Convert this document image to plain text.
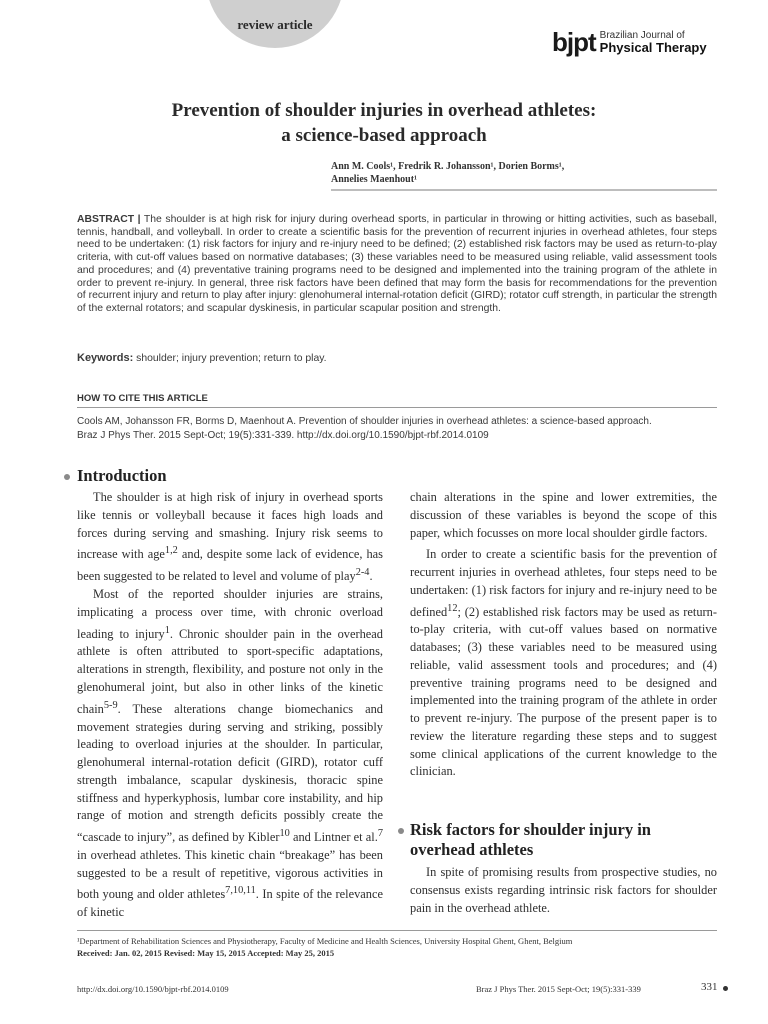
review article
bjpt Brazilian Journal of
Physical Therapy
Prevention of shoulder injuries in overhead athletes:
a science-based approach
Ann M. Cools¹, Fredrik R. Johansson¹, Dorien Borms¹,
Annelies Maenhout¹
ABSTRACT | The shoulder is at high risk for injury during overhead sports, in particular in throwing or hitting activities, such as baseball, tennis, handball, and volleyball. In order to create a scientific basis for the prevention of recurrent injuries in overhead athletes, four steps need to be undertaken: (1) risk factors for injury and re-injury need to be defined; (2) established risk factors may be used as return-to-play criteria, with cut-off values based on normative databases; (3) these variables need to be measured using reliable, valid assessment tools and procedures; and (4) preventative training programs need to be designed and implemented into the training program of the athlete in order to prevent re-injury. In general, three risk factors have been defined that may form the basis for recommendations for the prevention of recurrent injury and return to play after injury: glenohumeral internal-rotation deficit (GIRD); rotator cuff strength, in particular the strength of the external rotators; and scapular dyskinesis, in particular scapular position and strength.
Keywords: shoulder; injury prevention; return to play.
HOW TO CITE THIS ARTICLE
Cools AM, Johansson FR, Borms D, Maenhout A. Prevention of shoulder injuries in overhead athletes: a science-based approach.
Braz J Phys Ther. 2015 Sept-Oct; 19(5):331-339. http://dx.doi.org/10.1590/bjpt-rbf.2014.0109
Introduction

The shoulder is at high risk of injury in overhead sports like tennis or volleyball because it faces high loads and forces during serving and smashing. Injury risk seems to increase with age$^{1,2}$ and, despite some lack of evidence, has been suggested to be related to level and volume of play$^{2-4}$.

Most of the reported shoulder injuries are strains, implicating a process over time, with chronic overload leading to injury$^1$. Chronic shoulder pain in the overhead athlete is often attributed to sport-specific adaptations, alterations in strength, flexibility, and posture not only in the glenohumeral joint, but also in other links of the kinetic chain$^{5-9}$. These alterations change biomechanics and movement strategies during serving and striking, possibly leading to overload injuries at the shoulder. In particular, glenohumeral internal-rotation deficit (GIRD), rotator cuff strength imbalance, scapular dyskinesis, thoracic spine stiffness and hyperkyphosis, lumbar core instability, and hip range of motion and strength deficits possibly create the “cascade to injury”, as defined by Kibler$^{10}$ and Lintner et al.$^7$ in overhead athletes. This kinetic chain “breakage” has been suggested to be a result of repetitive, vigorous activities in both young and older athletes$^{7,10,11}$. In spite of the relevance of kinetic

chain alterations in the spine and lower extremities, the discussion of these variables is beyond the scope of this paper, which focusses on more local shoulder girdle factors.

In order to create a scientific basis for the prevention of recurrent injuries in overhead athletes, four steps need to be undertaken: (1) risk factors for injury and re-injury need to be defined$^{12}$; (2) established risk factors may be used as return-to-play criteria, with cut-off values based on normative databases; (3) these variables need to be measured using reliable, valid assessment tools and procedures; and (4) preventive training programs need to be designed and implemented into the training program of the athlete in order to prevent re-injury. The purpose of the present paper is to review the literature regarding these steps and to suggest some clinical applications of the current knowledge to the clinician.

Risk factors for shoulder injury in
overhead athletes

In spite of promising results from prospective studies, no consensus exists regarding intrinsic risk factors for shoulder pain in the overhead athlete.

¹Department of Rehabilitation Sciences and Physiotherapy, Faculty of Medicine and Health Sciences, University Hospital Ghent, Ghent, Belgium
Received: Jan. 02, 2015 Revised: May 15, 2015 Accepted: May 25, 2015
http://dx.doi.org/10.1590/bjpt-rbf.2014.0109	Braz J Phys Ther. 2015 Sept-Oct; 19(5):331-339	331
